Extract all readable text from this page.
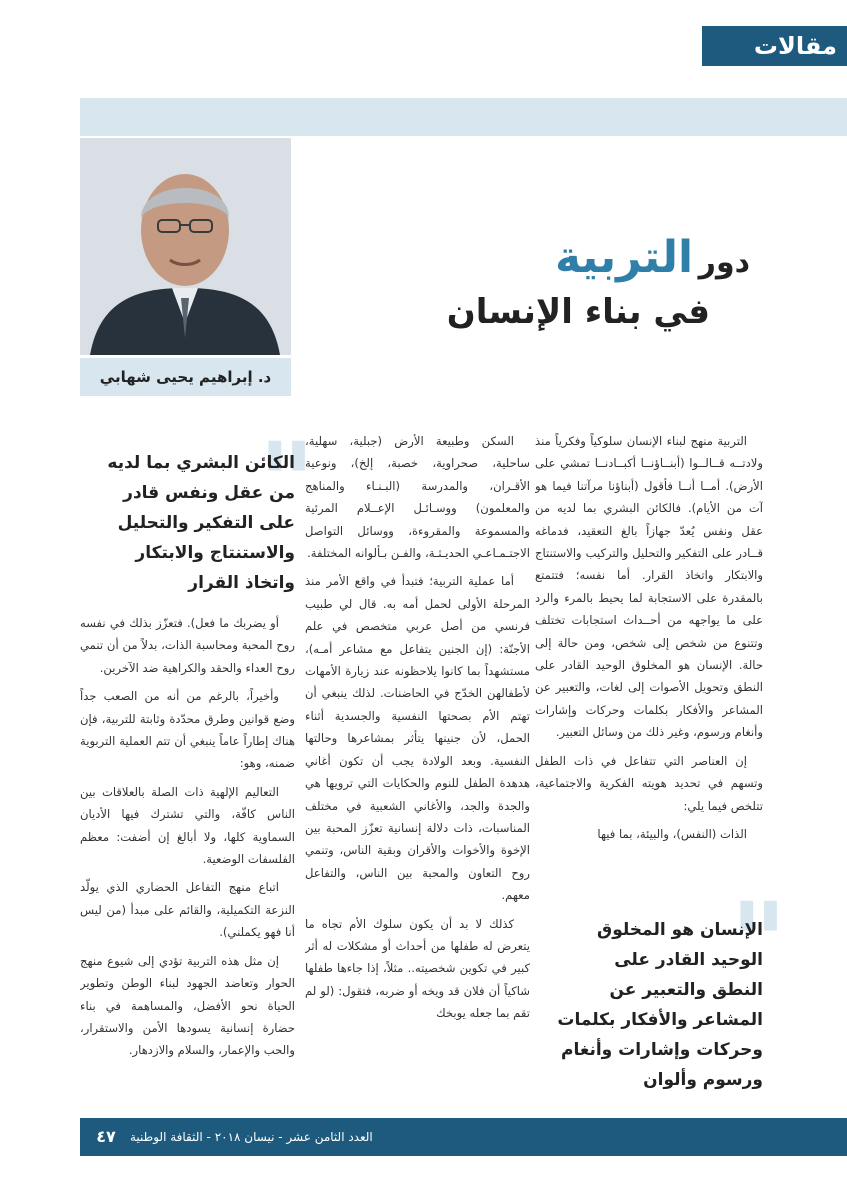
مقالات
د. إبراهيم يحيى شهابي
دور التربية
في بناء الإنسان
"
الكائن البشري بما لديه
من عقل ونفس قادر
على التفكير والتحليل
والاستنتاج والابتكار
واتخاذ القرار

التربية منهج لبناء الإنسان سلوكياً وفكرياً منذ ولادتــه قــالــوا (أبنــاؤنــا أكبــادنــا تمشي على الأرض). أمــا أنــا فأقول (أبناؤنا مرآتنا فيما هو آت من الأيام). فالكائن البشري بما لديه من عقل ونفس يُعدّ جهازاً بالغ التعقيد، فدماغه قــادر على التفكير والتحليل والتركيب والاستنتاج والابتكار واتخاذ القرار. أما نفسه؛ فتتمتع بالمقدرة على الاستجابة لما يحيط بالمرء والرد على ما يواجهه من أحــداث استجابات تختلف وتتنوع من شخص إلى شخص، ومن حالة إلى حالة. الإنسان هو المخلوق الوحيد القادر على النطق وتحويل الأصوات إلى لغات، والتعبير عن المشاعر والأفكار بكلمات وحركات وإشارات وأنغام ورسوم، وغير ذلك من وسائل التعبير.

إن العناصر التي تتفاعل في ذات الطفل وتسهم في تحديد هويته الفكرية والاجتماعية، تتلخص فيما يلي:

الذات (النفس)، والبيئة، بما فيها

السكن وطبيعة الأرض (جبلية، سهلية، ساحلية، صحراوية، خصبة، إلخ)، ونوعية الأقـران، والمدرسة (البـنـاء والمناهج والمعلمون) ووسـائـل الإعــلام المرئية والمسموعة والمقروءة، ووسائل التواصل الاجتـمـاعـي الحديـثـة، والفـن بـألوانه المختلفة.

أما عملية التربية؛ فتبدأ في واقع الأمر منذ المرحلة الأولى لحمل أمه به. قال لي طبيب فرنسي من أصل عربي متخصص في علم الأجنّة: (إن الجنين يتفاعل مع مشاعر أمـه)، مستشهداً بما كانوا يلاحظونه عند زيارة الأمهات لأطفالهن الخدّج في الحاضنات. لذلك ينبغي أن تهتم الأم بصحتها النفسية والجسدية أثناء الحمل، لأن جنينها يتأثر بمشاعرها وحالتها النفسية. وبعد الولادة يجب أن تكون أغاني هدهدة الطفل للنوم والحكايات التي ترويها هي والجدة والجد، والأغاني الشعبية في مختلف المناسبات، ذات دلالة إنسانية تعزّز المحبة بين الإخوة والأخوات والأقران وبقية الناس، وتنمي روح التعاون والمحبة بين الناس، والتفاعل معهم.

كذلك لا بد أن يكون سلوك الأم تجاه ما يتعرض له طفلها من أحداث أو مشكلات له أثر كبير في تكوين شخصيته.. مثلاً، إذا جاءها طفلها شاكياً أن فلان قد ويخه أو ضربه، فتقول: (لو لم تقم بما جعله يوبخك

أو يضربك ما فعل). فتعزّز بذلك في نفسه روح المحبة ومحاسبة الذات، بدلاً من أن تنمي روح العداء والحقد والكراهية ضد الآخرين.

وأخيراً، بالرغم من أنه من الصعب جداً وضع قوانين وطرق محدّدة وثابتة للتربية، فإن هناك إطاراً عاماً ينبغي أن تتم العملية التربوية ضمنه، وهو:

التعاليم الإلهية ذات الصلة بالعلاقات بين الناس كافّة، والتي تشترك فيها الأديان السماوية كلها، ولا أبالغ إن أضفت: معظم الفلسفات الوضعية.

اتباع منهج التفاعل الحضاري الذي يولّد النزعة التكميلية، والقائم على مبدأ (من ليس أنا فهو يكملني).

إن مثل هذه التربية تؤدي إلى شيوع منهج الحوار وتعاضد الجهود لبناء الوطن وتطوير الحياة نحو الأفضل، والمساهمة في بناء حضارة إنسانية يسودها الأمن والاستقرار، والحب والإعمار، والسلام والازدهار.

"
الإنسان هو المخلوق
الوحيد القادر على
النطق والتعبير عن
المشاعر والأفكار بكلمات
وحركات وإشارات وأنغام
ورسوم وألوان
العدد الثامن عشر - نيسان ٢٠١٨ - الثقافة الوطنية
٤٧
